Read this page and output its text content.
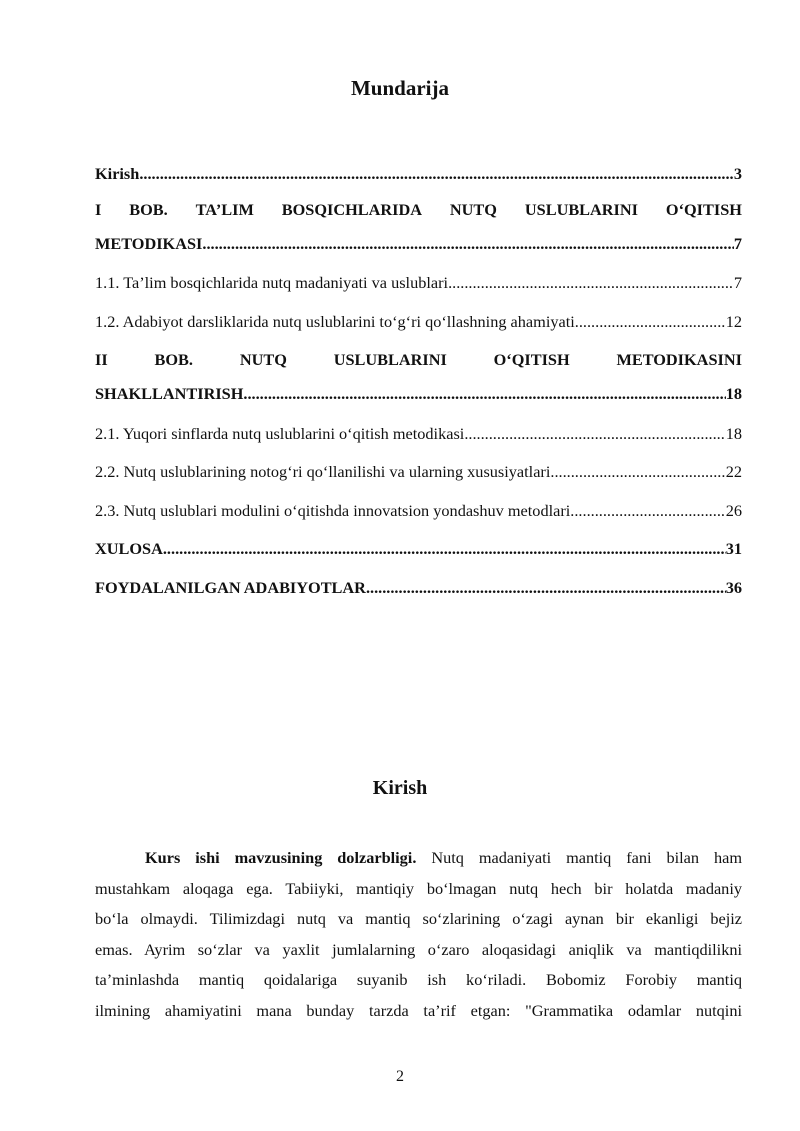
Mundarija
Kirish .....	3
I BOB. TA’LIM BOSQICHLARIDA NUTQ USLUBLARINI O‘QITISH
METODIKASI .....	7
1.1. Ta’lim bosqichlarida nutq madaniyati va uslublari .....	7
1.2. Adabiyot darsliklarida nutq uslublarini to‘g‘ri qo‘llashning ahamiyati .....	12
II	BOB.	NUTQ	USLUBLARINI	O‘QITISH	METODIKASINI
SHAKLLANTIRISH .....	18
2.1. Yuqori sinflarda nutq uslublarini o‘qitish metodikasi .....	18
2.2. Nutq uslublarining notog‘ri qo‘llanilishi va ularning xususiyatlari .....	22
2.3. Nutq uslublari modulini o‘qitishda innovatsion yondashuv metodlari .....	26
XULOSA .....	31
FOYDALANILGAN ADABIYOTLAR .....	36
Kirish
Kurs ishi mavzusining dolzarbligi. Nutq madaniyati mantiq fani bilan ham
mustahkam aloqaga ega. Tabiiyki, mantiqiy bo‘lmagan nutq hech bir holatda madaniy
bo‘la olmaydi. Tilimizdagi nutq va mantiq so‘zlarining o‘zagi aynan bir ekanligi bejiz
emas. Ayrim so‘zlar va yaxlit jumlalarning o‘zaro aloqasidagi aniqlik va mantiqdilikni
ta’minlashda mantiq qoidalariga suyanib ish ko‘riladi. Bobomiz Forobiy mantiq
ilmining ahamiyatini mana bunday tarzda ta’rif etgan: "Grammatika odamlar nutqini
2
